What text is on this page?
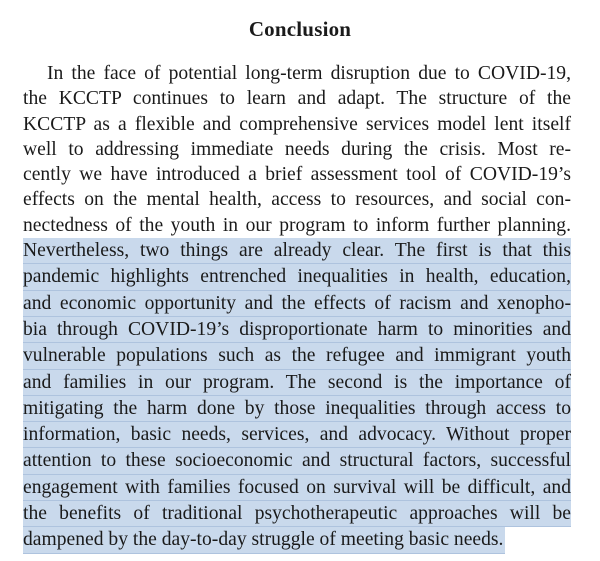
Conclusion
In the face of potential long-term disruption due to COVID-19,
the KCCTP continues to learn and adapt. The structure of the
KCCTP as a flexible and comprehensive services model lent itself
well to addressing immediate needs during the crisis. Most re-
cently we have introduced a brief assessment tool of COVID-19’s
effects on the mental health, access to resources, and social con-
nectedness of the youth in our program to inform further planning.
Nevertheless, two things are already clear. The first is that this
pandemic highlights entrenched inequalities in health, education,
and economic opportunity and the effects of racism and xenopho-
bia through COVID-19’s disproportionate harm to minorities and
vulnerable populations such as the refugee and immigrant youth
and families in our program. The second is the importance of
mitigating the harm done by those inequalities through access to
information, basic needs, services, and advocacy. Without proper
attention to these socioeconomic and structural factors, successful
engagement with families focused on survival will be difficult, and
the benefits of traditional psychotherapeutic approaches will be
dampened by the day-to-day struggle of meeting basic needs.
